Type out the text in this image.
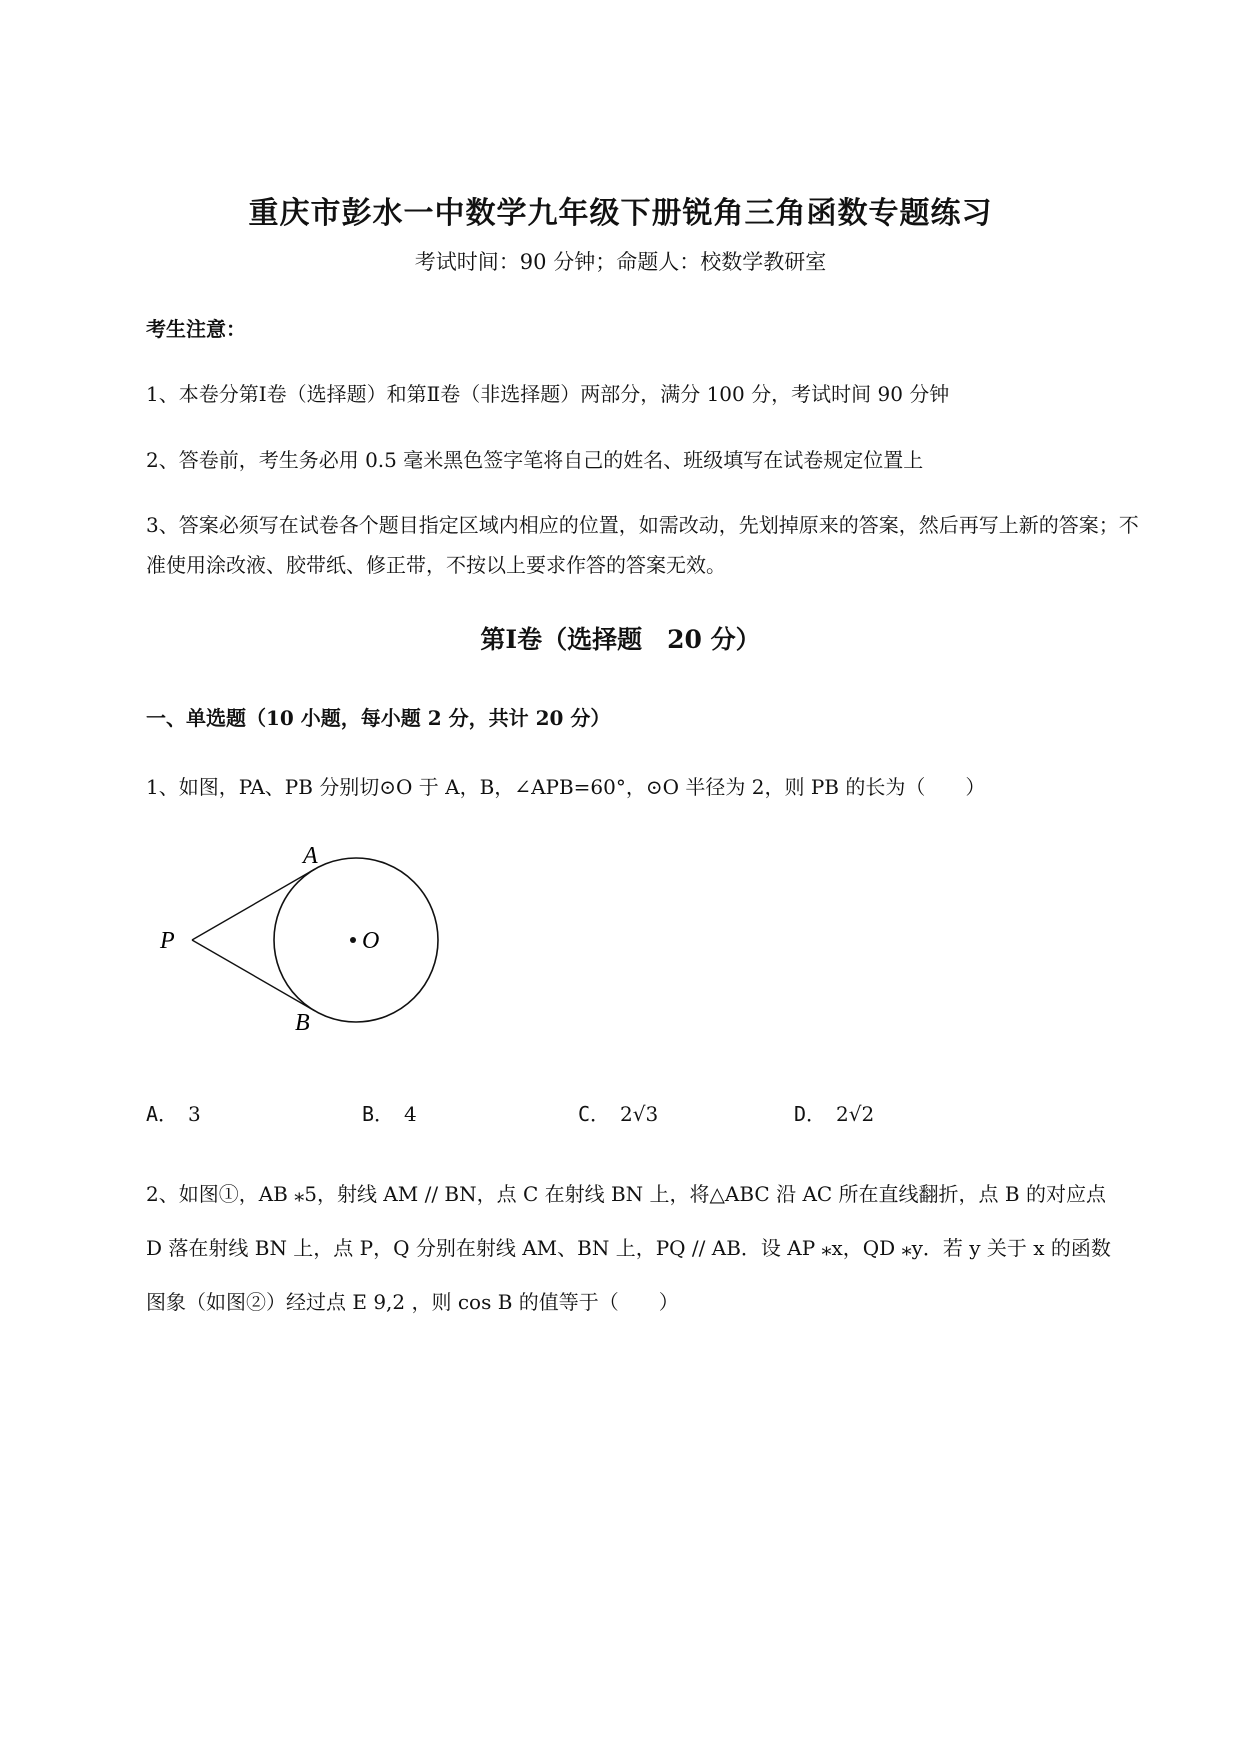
重庆市彭水一中数学九年级下册锐角三角函数专题练习
考试时间：90 分钟；命题人：校数学教研室
考生注意：
1、本卷分第Ⅰ卷（选择题）和第Ⅱ卷（非选择题）两部分，满分 100 分，考试时间 90 分钟
2、答卷前，考生务必用 0.5 毫米黑色签字笔将自己的姓名、班级填写在试卷规定位置上
3、答案必须写在试卷各个题目指定区域内相应的位置，如需改动，先划掉原来的答案，然后再写上新的答案；不准使用涂改液、胶带纸、修正带，不按以上要求作答的答案无效。
第Ⅰ卷（选择题　20 分）
一、单选题（10 小题，每小题 2 分，共计 20 分）
1、如图，PA、PB 分别切⊙O 于 A，B，∠APB=60°，⊙O 半径为 2，则 PB 的长为（　　）
P
A
B
O
A． 3	B． 4	C． 2√3	D． 2√2
2、如图①，AB ⁎5，射线 AM // BN，点 C 在射线 BN 上，将△ABC 沿 AC 所在直线翻折，点 B 的对应点
D 落在射线 BN 上，点 P，Q 分别在射线 AM、BN 上，PQ // AB．设 AP ⁎x，QD ⁎y．若 y 关于 x 的函数
图象（如图②）经过点 E 9,2 ，则 cos B 的值等于（　　）
